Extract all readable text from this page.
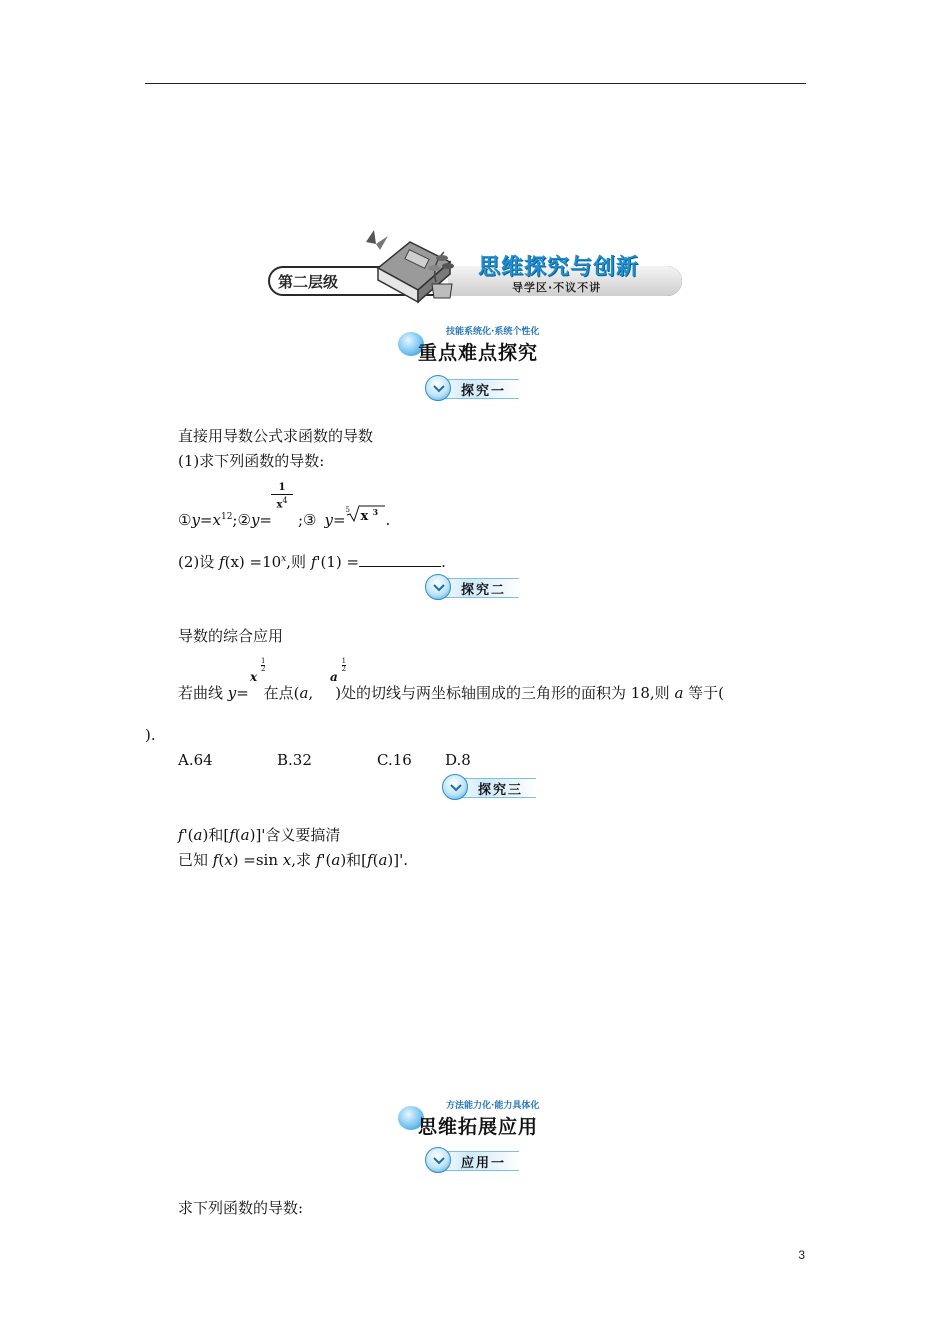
第二层级
思维探究与创新
导学区·不议不讲
技能系统化·系统个性化
重点难点探究
探究一
直接用导数公式求函数的导数
(1)求下列函数的导数:
1
$x^4$
$①y=x^{12};②y=$ ;③ y=
5 x 3 .
(2)设 $f(x) =10^x$,则 f'(1) =	.
探究二
导数的综合应用
x
$\frac{1}{2}$
a
$\frac{1}{2}$
若曲线 y= 在点(a, )处的切线与两坐标轴围成的三角形的面积为 18,则 a 等于(
).
A.64	B.32	C.16 D.8
探究三
f'(a)和[f(a)]'含义要搞清
已知 f(x) =sin x,求 f'(a)和[f(a)]'.
方法能力化·能力具体化
思维拓展应用
应用一
求下列函数的导数:
3
